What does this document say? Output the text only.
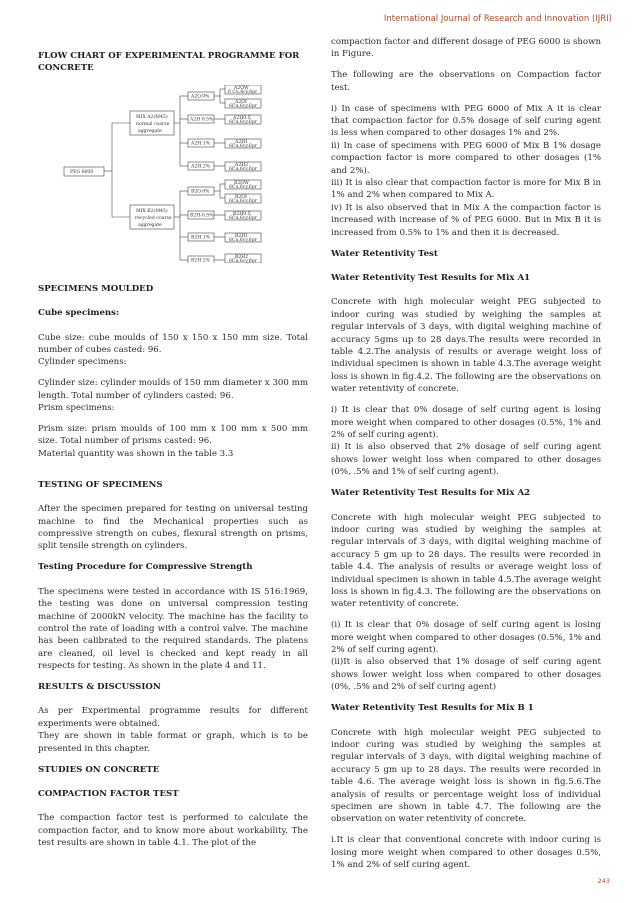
International Journal of Research and Innovation (IJRI)
FLOW CHART OF EXPERIMENTAL PROGRAMME FOR CONCRETE
PEG 6000
MIX A2(M45)
normal coarse
aggregate
MIX B2(M45)
recycled coarse
aggregate
A2O.0%
A2H 0.5%
A2H.1%
A2H.2%
B2O.0%
B2H-0.5%
B2H 1%
B2H 2%
A2OW
6 Cu,6cy,6pr
A2OI
6Cu,6cy,6pr
A2H0.5
6Cu,6cy,6pr
A2H1
6Cu,6cy,6pr
A2H2
6Cu,6cy,6pr
B2OW
6Cu,6cy,6pr
B2OI
6Cu,6cy,6pr
B2H0.5
6Cu,6cy,6pr
B2H1
6Cu,6cy,6pr
B2H2
6Cu,6cy,6pr
SPECIMENS MOULDED
Cube specimens:

Cube size: cube moulds of 150 x 150 x 150 mm size. Total number of cubes casted: 96.

Cylinder specimens:

Cylinder size: cylinder moulds of 150 mm diameter x 300 mm length. Total number of cylinders casted: 96.

Prism specimens:

Prism size: prism moulds of 100 mm x 100 mm x 500 mm size. Total number of prisms casted: 96.

Material quantity was shown in the table 3.3

TESTING OF SPECIMENS

After the specimen prepared for testing on universal testing machine to find the Mechanical properties such as compressive strength on cubes, flexural strength on prisms, split tensile strength on cylinders.

Testing Procedure for Compressive Strength

The specimens were tested in accordance with IS 516:1969, the testing was done on universal compression testing machine of 2000kN velocity. The machine has the facility to control the rate of loading with a control valve. The machine has been calibrated to the required standards. The platens are cleaned, oil level is checked and kept ready in all respects for testing. As shown in the plate 4 and 11.

RESULTS & DISCUSSION

As per Experimental programme results for different experiments were obtained.

They are shown in table format or graph, which is to be presented in this chapter.

STUDIES ON CONCRETE
COMPACTION FACTOR TEST

The compaction factor test is performed to calculate the compaction factor, and to know more about workability. The test results are shown in table 4.1. The plot of the

compaction factor and different dosage of PEG 6000 is shown in Figure.

The following are the observations on Compaction factor test.

i) In case of specimens with PEG 6000 of Mix A it is clear that compaction factor for 0.5% dosage of self curing agent is less when compared to other dosages 1% and 2%.

ii) In case of specimens with PEG 6000 of Mix B 1% dosage compaction factor is more compared to other dosages (1% and 2%).

iii) It is also clear that compaction factor is more for Mix B in 1% and 2% when compared to Mix A.

iv) It is also observed that in Mix A the compaction factor is increased with increase of % of PEG 6000. But in Mix B it is increased from 0.5% to 1% and then it is decreased.

Water Retentivity Test
Water Retentivity Test Results for Mix A1

Concrete with high molecular weight PEG subjected to indoor curing was studied by weighing the samples at regular intervals of 3 days, with digital weighing machine of accuracy 5gms up to 28 days.The results were recorded in table 4.2.The analysis of results or average weight loss of individual specimen is shown in table 4.3.The average weight loss is shown in fig.4.2. The following are the observations on water retentivity of concrete.

i) It is clear that 0% dosage of self curing agent is losing more weight when compared to other dosages (0.5%, 1% and 2% of self curing agent).

ii) It is also observed that 2% dosage of self curing agent shows lower weight loss when compared to other dosages (0%, .5% and 1% of self curing agent).

Water Retentivity Test Results for Mix A2

Concrete with high molecular weight PEG subjected to indoor curing was studied by weighing the samples at regular intervals of 3 days, with digital weighing machine of accuracy 5 gm up to 28 days. The results were recorded in table 4.4. The analysis of results or average weight loss of individual specimen is shown in table 4.5.The average weight loss is shown in fig.4.3. The following are the observations on water retentivity of concrete.

(i) It is clear that 0% dosage of self curing agent is losing more weight when compared to other dosages (0.5%, 1% and 2% of self curing agent).

(ii)It is also observed that 1% dosage of self curing agent shows lower weight loss when compared to other dosages (0%, .5% and 2% of self curing agent)

Water Retentivity Test Results for Mix B 1

Concrete with high molecular weight PEG subjected to indoor curing was studied by weighing the samples at regular intervals of 3 days, with digital weighing machine of accuracy 5 gm up to 28 days. The results were recorded in table 4.6. The average weight loss is shown in fig.5.6.The analysis of results or percentage weight loss of individual specimen are shown in table 4.7. The following are the observation on water retentivity of concrete.

i.It is clear that conventional concrete with indoor curing is losing more weight when compared to other dosages 0.5%, 1% and 2% of self curing agent.

243
